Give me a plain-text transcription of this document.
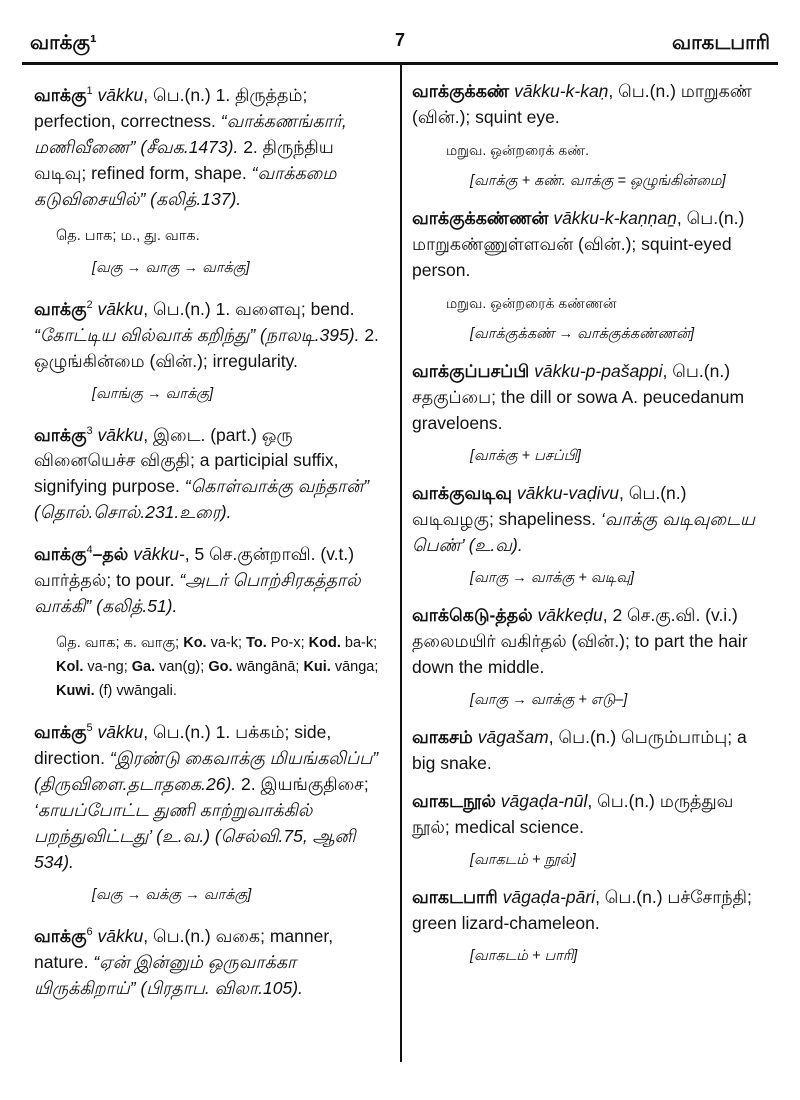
வாக்கு¹	7	வாகடபாரி
வாக்கு$^1$ vākku, பெ.(n.) 1. திருத்தம்; perfection, correctness. “வாக்கணங்கார், மணிவீணை” (சீவக.1473). 2. திருந்திய வடிவு; refined form, shape. “வாக்கமை கடுவிசையில்” (கலித்.137).
தெ. பாக; ம., து. வாக.
[வகு → வாகு → வாக்கு]
வாக்கு$^2$ vākku, பெ.(n.) 1. வளைவு; bend. “கோட்டிய வில்வாக் கறிந்து” (நாலடி.395). 2. ஒழுங்கின்மை (வின்.); irregularity.
[வாங்கு → வாக்கு]
வாக்கு$^3$ vākku, இடை. (part.) ஒரு வினையெச்ச விகுதி; a participial suffix, signifying purpose. “கொள்வாக்கு வந்தான்” (தொல்.சொல்.231.உரை).
வாக்கு$^4$–தல் vākku-, 5 செ.குன்றாவி. (v.t.) வார்த்தல்; to pour. “அடர் பொற்சிரகத்தால் வாக்கி” (கலித்.51).
தெ. வாக; க. வாகு; Ko. va-k; To. Po-x; Kod. ba-k; Kol. va-ng; Ga. van(g); Go. wāngānā; Kui. vānga; Kuwi. (f) vwāngali.
வாக்கு$^5$ vākku, பெ.(n.) 1. பக்கம்; side, direction. “இரண்டு கைவாக்கு மியங்கலிப்ப” (திருவிளை.தடாதகை.26). 2. இயங்குதிசை; ‘காயப்போட்ட துணி காற்றுவாக்கில் பறந்துவிட்டது’ (உ.வ.) (செல்வி.75, ஆனி 534).
[வகு → வக்கு → வாக்கு]
வாக்கு$^6$ vākku, பெ.(n.) வகை; manner, nature. “ஏன் இன்னும் ஒருவாக்கா யிருக்கிறாய்” (பிரதாப. விலா.105).
வாக்குக்கண் vākku-k-kaṇ, பெ.(n.) மாறுகண் (வின்.); squint eye.
மறுவ. ஒன்றரைக் கண்.
[வாக்கு + கண். வாக்கு = ஒழுங்கின்மை]
வாக்குக்கண்ணன் vākku-k-kaṇṇaṉ, பெ.(n.) மாறுகண்ணுள்ளவன் (வின்.); squint-eyed person.
மறுவ. ஒன்றரைக் கண்ணன்
[வாக்குக்கண் → வாக்குக்கண்ணன்]
வாக்குப்பசப்பி vākku-p-pašappi, பெ.(n.) சதகுப்பை; the dill or sowa A. peucedanum graveloens.
[வாக்கு + பசப்பி]
வாக்குவடிவு vākku-vaḍivu, பெ.(n.) வடிவழகு; shapeliness. ‘வாக்கு வடிவுடைய பெண்’ (உ.வ).
[வாகு → வாக்கு + வடிவு]
வாக்கெடு-த்தல் vākkeḍu, 2 செ.கு.வி. (v.i.) தலைமயிர் வகிர்தல் (வின்.); to part the hair down the middle.
[வாகு → வாக்கு + எடு–]
வாகசம் vāgašam, பெ.(n.) பெரும்பாம்பு; a big snake.
வாகடநூல் vāgaḍa-nūl, பெ.(n.) மருத்துவ நூல்; medical science.
[வாகடம் + நூல்]
வாகடபாரி vāgaḍa-pāri, பெ.(n.) பச்சோந்தி; green lizard-chameleon.
[வாகடம் + பாரி]
